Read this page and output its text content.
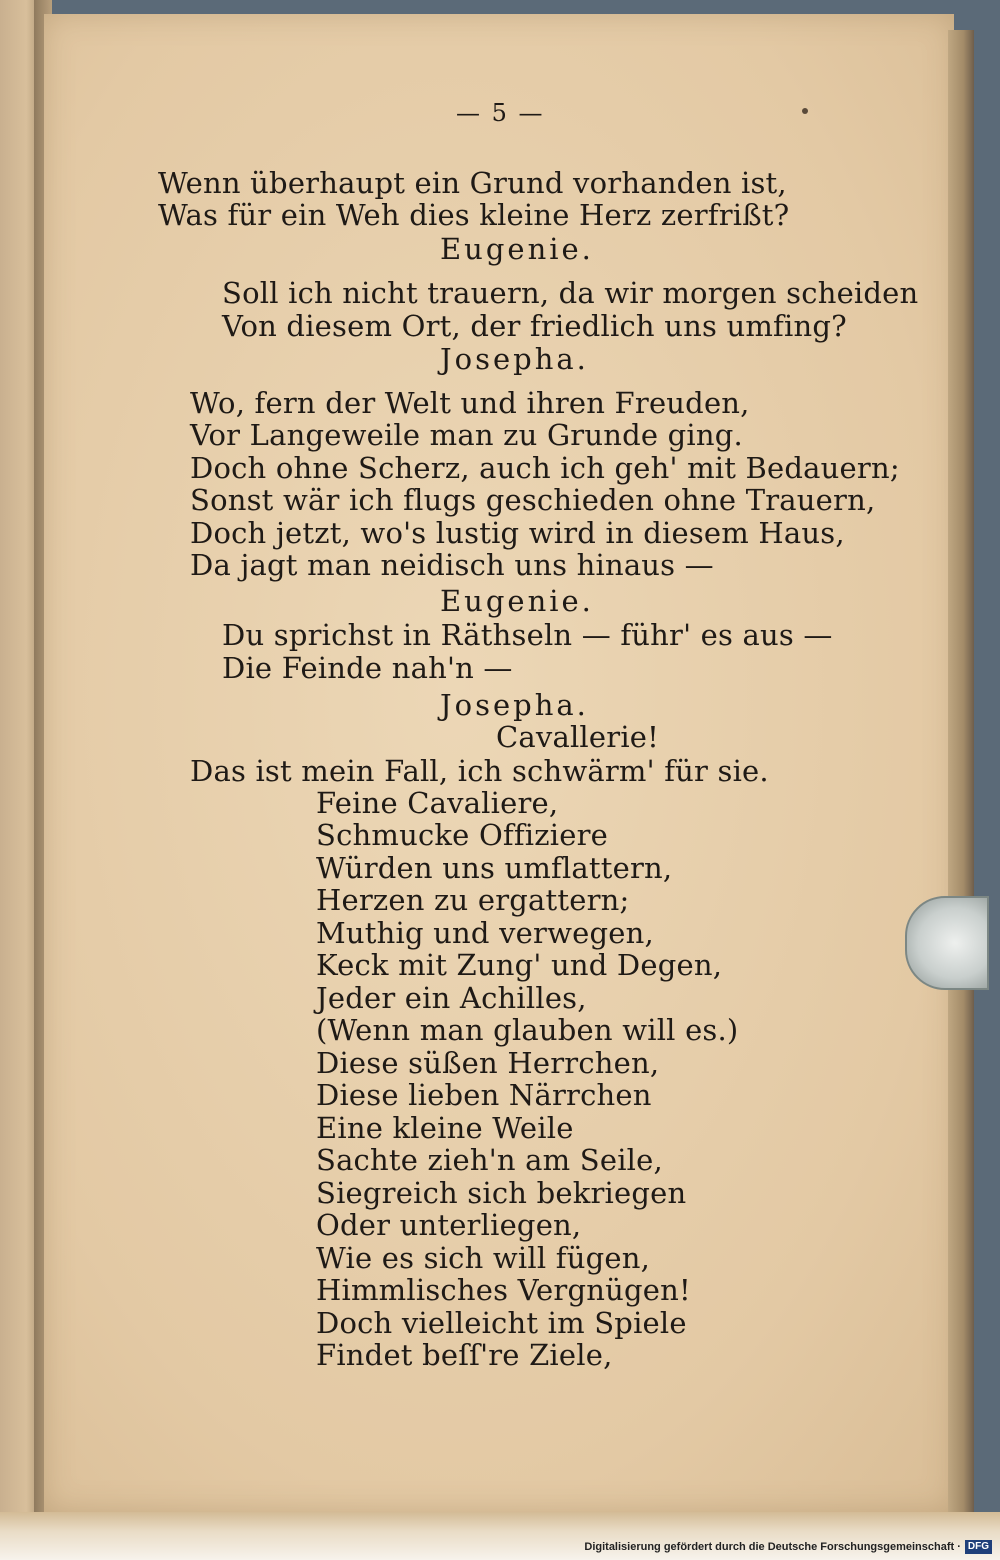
— 5 —
Wenn überhaupt ein Grund vorhanden ist,
Was für ein Weh dies kleine Herz zerfrißt?
Eugenie.
Soll ich nicht trauern, da wir morgen scheiden
Von diesem Ort, der friedlich uns umfing?
Josepha.
Wo, fern der Welt und ihren Freuden,
Vor Langeweile man zu Grunde ging.
Doch ohne Scherz, auch ich geh' mit Bedauern;
Sonst wär ich flugs geschieden ohne Trauern,
Doch jetzt, wo's lustig wird in diesem Haus,
Da jagt man neidisch uns hinaus —
Eugenie.
Du sprichst in Räthseln — führ' es aus —
Die Feinde nah'n —
Josepha.
Cavallerie!
Das ist mein Fall, ich schwärm' für sie.
Feine Cavaliere,
Schmucke Offiziere
Würden uns umflattern,
Herzen zu ergattern;
Muthig und verwegen,
Keck mit Zung' und Degen,
Jeder ein Achilles,
(Wenn man glauben will es.)
Diese süßen Herrchen,
Diese lieben Närrchen
Eine kleine Weile
Sachte zieh'n am Seile,
Siegreich sich bekriegen
Oder unterliegen,
Wie es sich will fügen,
Himmlisches Vergnügen!
Doch vielleicht im Spiele
Findet beſſ're Ziele,
Digitalisierung gefördert durch die Deutsche Forschungsgemeinschaft · DFG
